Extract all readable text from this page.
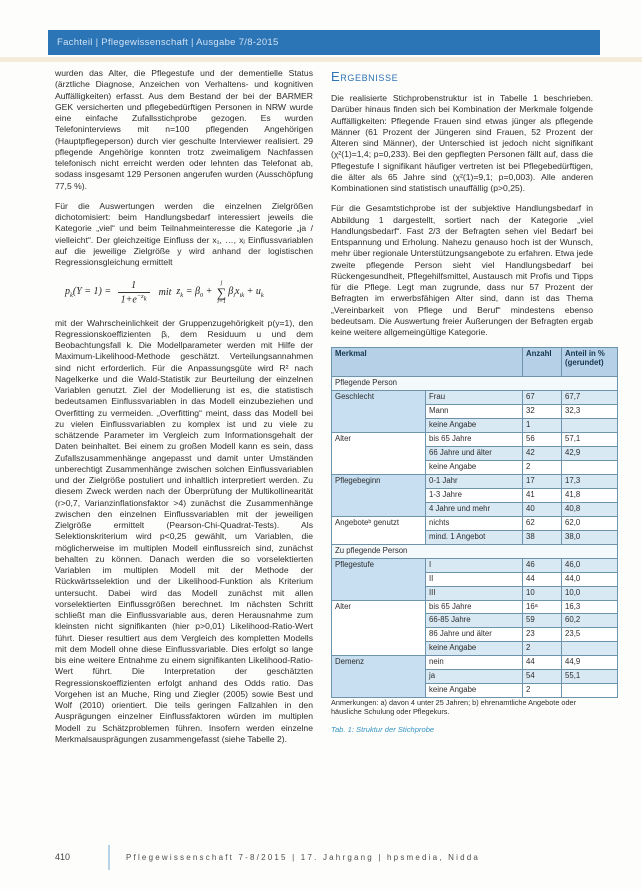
Fachteil | Pflegewissenschaft | Ausgabe 7/8-2015

wurden das Alter, die Pflegestufe und der dementielle Status (ärztliche Diagnose, Anzeichen von Verhaltens- und kognitiven Auffälligkeiten) erfasst. Aus dem Bestand der bei der BARMER GEK versicherten und pflegebedürftigen Personen in NRW wurde eine einfache Zufallsstichprobe gezogen. Es wurden Telefoninterviews mit n=100 pflegenden Angehörigen (Hauptpflegeperson) durch vier geschulte Interviewer realisiert. 29 pflegende Angehörige konnten trotz zweimaligem Nachfassen telefonisch nicht erreicht werden oder lehnten das Telefonat ab, sodass insgesamt 129 Personen angerufen wurden (Ausschöpfung 77,5 %).

Für die Auswertungen werden die einzelnen Zielgrößen dichotomisiert: beim Handlungsbedarf interessiert jeweils die Kategorie „viel“ und beim Teilnahmeinteresse die Kategorie „ja / vielleicht“. Der gleichzeitige Einfluss der x₁, …, xⱼ Einflussvariablen auf die jeweilige Zielgröße y wird anhand der logistischen Regressionsgleichung ermittelt

$p_k(Y = 1) = \frac{1}{1+e^{-z_k}}$ mit $z_k = \beta_0$ +
j
∑
i=1
$\beta_ix_{ik} + u_k$

mit der Wahrscheinlichkeit der Gruppenzugehörigkeit p(y=1), den Regressionskoeffizienten βᵢ, dem Residuum u und dem Beobachtungsfall k. Die Modellparameter werden mit Hilfe der Maximum-Likelihood-Methode geschätzt. Verteilungsannahmen sind nicht erforderlich. Für die Anpassungsgüte wird R² nach Nagelkerke und die Wald-Statistik zur Beurteilung der einzelnen Variablen genutzt. Ziel der Modellierung ist es, die statistisch bedeutsamen Einflussvariablen in das Modell einzubeziehen und Overfitting zu vermeiden. „Overfitting“ meint, dass das Modell bei zu vielen Einflussvariablen zu komplex ist und zu viele zu schätzende Parameter im Vergleich zum Informationsgehalt der Daten beinhaltet. Bei einem zu großen Modell kann es sein, dass Zufallszusammenhänge angepasst und damit unter Umständen unberechtigt Zusammenhänge zwischen solchen Einflussvariablen und der Zielgröße postuliert und inhaltlich interpretiert werden. Zu diesem Zweck werden nach der Überprüfung der Multikollinearität (r>0,7, Varianzinflationsfaktor >4) zunächst die Zusammenhänge zwischen den einzelnen Einflussvariablen mit der jeweiligen Zielgröße ermittelt (Pearson-Chi-Quadrat-Tests). Als Selektionskriterium wird p<0,25 gewählt, um Variablen, die möglicherweise im multiplen Modell einflussreich sind, zunächst behalten zu können. Danach werden die so vorselektierten Variablen im multiplen Modell mit der Methode der Rückwärtsselektion und der Likelihood-Funktion als Kriterium untersucht. Dabei wird das Modell zunächst mit allen vorselektierten Einflussgrößen berechnet. Im nächsten Schritt schließt man die Einflussvariable aus, deren Herausnahme zum kleinsten nicht signifikanten (hier p>0,01) Likelihood-Ratio-Wert führt. Dieser resultiert aus dem Vergleich des kompletten Modells mit dem Modell ohne diese Einflussvariable. Dies erfolgt so lange bis eine weitere Entnahme zu einem signifikanten Likelihood-Ratio-Wert führt. Die Interpretation der geschätzten Regressionskoeffizienten erfolgt anhand des Odds ratio. Das Vorgehen ist an Muche, Ring und Ziegler (2005) sowie Best und Wolf (2010) orientiert. Die teils geringen Fallzahlen in den Ausprägungen einzelner Einflussfaktoren würden im multiplen Modell zu Schätzproblemen führen. Insofern werden einzelne Merkmalsausprägungen zusammengefasst (siehe Tabelle 2).

Ergebnisse

Die realisierte Stichprobenstruktur ist in Tabelle 1 beschrieben. Darüber hinaus finden sich bei Kombination der Merkmale folgende Auffälligkeiten: Pflegende Frauen sind etwas jünger als pflegende Männer (61 Prozent der Jüngeren sind Frauen, 52 Prozent der Älteren sind Männer), der Unterschied ist jedoch nicht signifikant (χ²(1)=1,4; p=0,233). Bei den gepflegten Personen fällt auf, dass die Pflegestufe I signifikant häufiger vertreten ist bei Pflegebedürftigen, die älter als 65 Jahre sind (χ²(1)=9,1; p=0,003). Alle anderen Kombinationen sind statistisch unauffällig (p>0,25).

Für die Gesamtstichprobe ist der subjektive Handlungsbedarf in Abbildung 1 dargestellt, sortiert nach der Kategorie „viel Handlungsbedarf“. Fast 2/3 der Befragten sehen viel Bedarf bei Entspannung und Erholung. Nahezu genauso hoch ist der Wunsch, mehr über regionale Unterstützungsangebote zu erfahren. Etwa jede zweite pflegende Person sieht viel Handlungsbedarf bei Rückengesundheit, Pflegehilfsmittel, Austausch mit Profis und Tipps für die Pflege. Legt man zugrunde, dass nur 57 Prozent der Befragten im erwerbsfähigen Alter sind, dann ist das Thema „Vereinbarkeit von Pflege und Beruf“ mindestens ebenso bedeutsam. Die Auswertung freier Äußerungen der Befragten ergab keine weitere allgemeingültige Kategorie.

Merkmal		Anzahl	Anteil in % (gerundet)
Pflegende Person			
Geschlecht	Frau	67	67,7
	Mann	32	32,3
	keine Angabe	1	
Alter	bis 65 Jahre	56	57,1
	66 Jahre und älter	42	42,9
	keine Angabe	2	
Pflegebeginn	0-1 Jahr	17	17,3
	1-3 Jahre	41	41,8
	4 Jahre und mehr	40	40,8
Angeboteᵇ genutzt	nichts	62	62,0
	mind. 1 Angebot	38	38,0
Zu pflegende Person			
Pflegestufe	I	46	46,0
	II	44	44,0
	III	10	10,0
Alter	bis 65 Jahre	16ᵃ	16,3
	66-85 Jahre	59	60,2
	86 Jahre und älter	23	23,5
	keine Angabe	2	
Demenz	nein	44	44,9
	ja	54	55,1
	keine Angabe	2	

Anmerkungen: a) davon 4 unter 25 Jahren; b) ehrenamtliche Angebote oder häusliche Schulung oder Pflegekurs.

Tab. 1: Struktur der Stichprobe

410	Pflegewissenschaft 7-8/2015 | 17. Jahrgang | hpsmedia, Nidda
